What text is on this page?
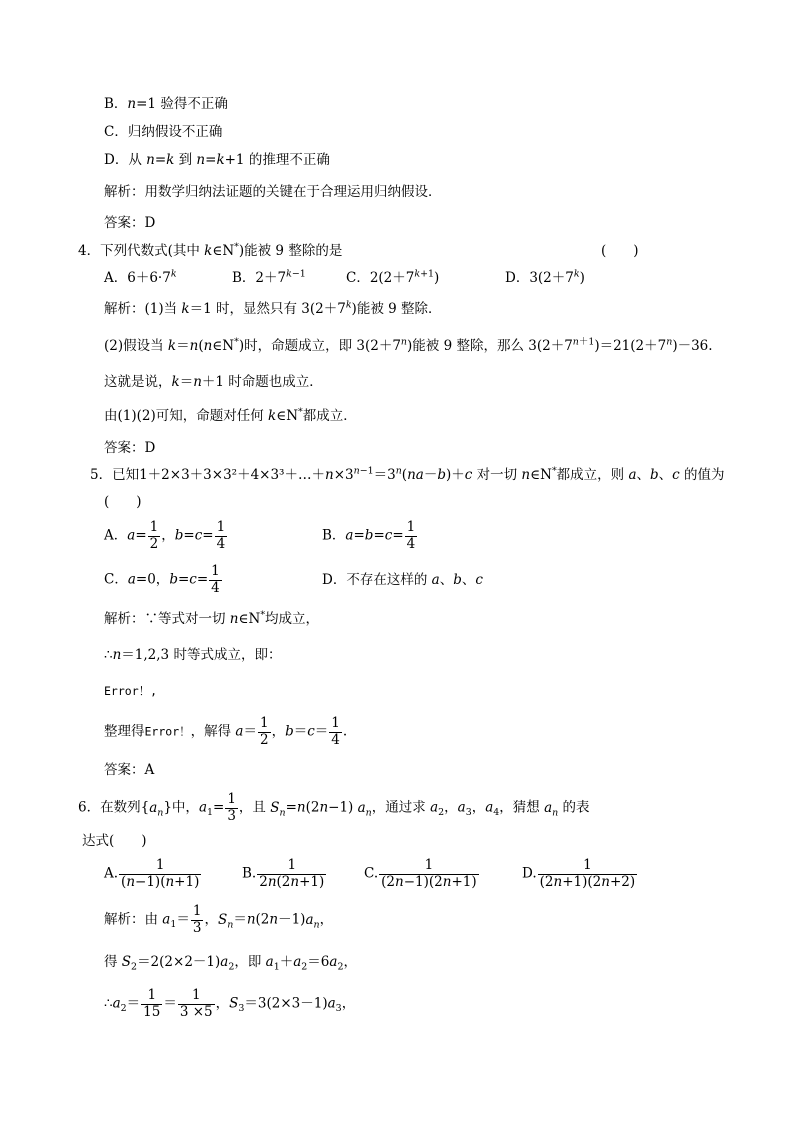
B．n=1 验得不正确
C．归纳假设不正确
D．从 n=k 到 n=k+1 的推理不正确
解析：用数学归纳法证题的关键在于合理运用归纳假设．
答案：D
4．下列代数式(其中 k∈N*)能被 9 整除的是	(　　)
A．$6+6\cdot 7^k$	B．$2+7^{k-1}$	C．$2(2+7^{k+1})$	D．$3(2+7^k)$
解析：(1)当 k＝1 时，显然只有 $3(2+7^k)$能被 9 整除．
(2)假设当 k＝n(n∈N*)时，命题成立，即 $3(2+7^n)$能被 9 整除，那么 $3(2+7^{n+1})=21(2+7^n)-36$.
这就是说，k＝n＋1 时命题也成立．
由(1)(2)可知，命题对任何 k∈N*都成立．
答案：D
5．已知$1+2\times 3+3\times 3^2+4\times 3^3+\dots+n\times 3^{n-1}=3^n(na-b)+c$ 对一切 n∈N*都成立，则 a、b、c 的值为
(　　)
A．$a= \frac{1}{2}$ ，$b=c= \frac{1}{4}$	B．$a=b=c= \frac{1}{4}$
C．a=0，$b=c= \frac{1}{4}$	D．不存在这样的 a、b、c
解析：∵等式对一切 n∈N*均成立，
∴n＝1,2,3 时等式成立，即：
Error！,
整理得Error！，解得 $a= \frac{1}{2}$ ，$b=c= \frac{1}{4}$ .
答案：A
6．在数列$\{a_n\}$中，$a_1= \frac{1}{3}$ ，且 $S_n=n(2n-1)$ $a_n$，通过求 $a_2$，$a_3$，$a_4$，猜想 $a_n$ 的表
达式(　　)
A. $\frac{1}{(n-1)(n+1)}$	B. $\frac{1}{2n(2n+1)}$	C. $\frac{1}{(2n-1)(2n+1)}$	D. $\frac{1}{(2n+1)(2n+2)}$
解析：由 $a_1= \frac{1}{3}$ ，$S_n=n(2n-1)a_n$，
得 $S_2=2(2\times 2-1)a_2$，即 $a_1+a_2=6a_2$，
$\therefore a_2= \frac{1}{15} = \frac{1}{3 \times 5}$ ，$S_3=3(2\times 3-1)a_3$，
